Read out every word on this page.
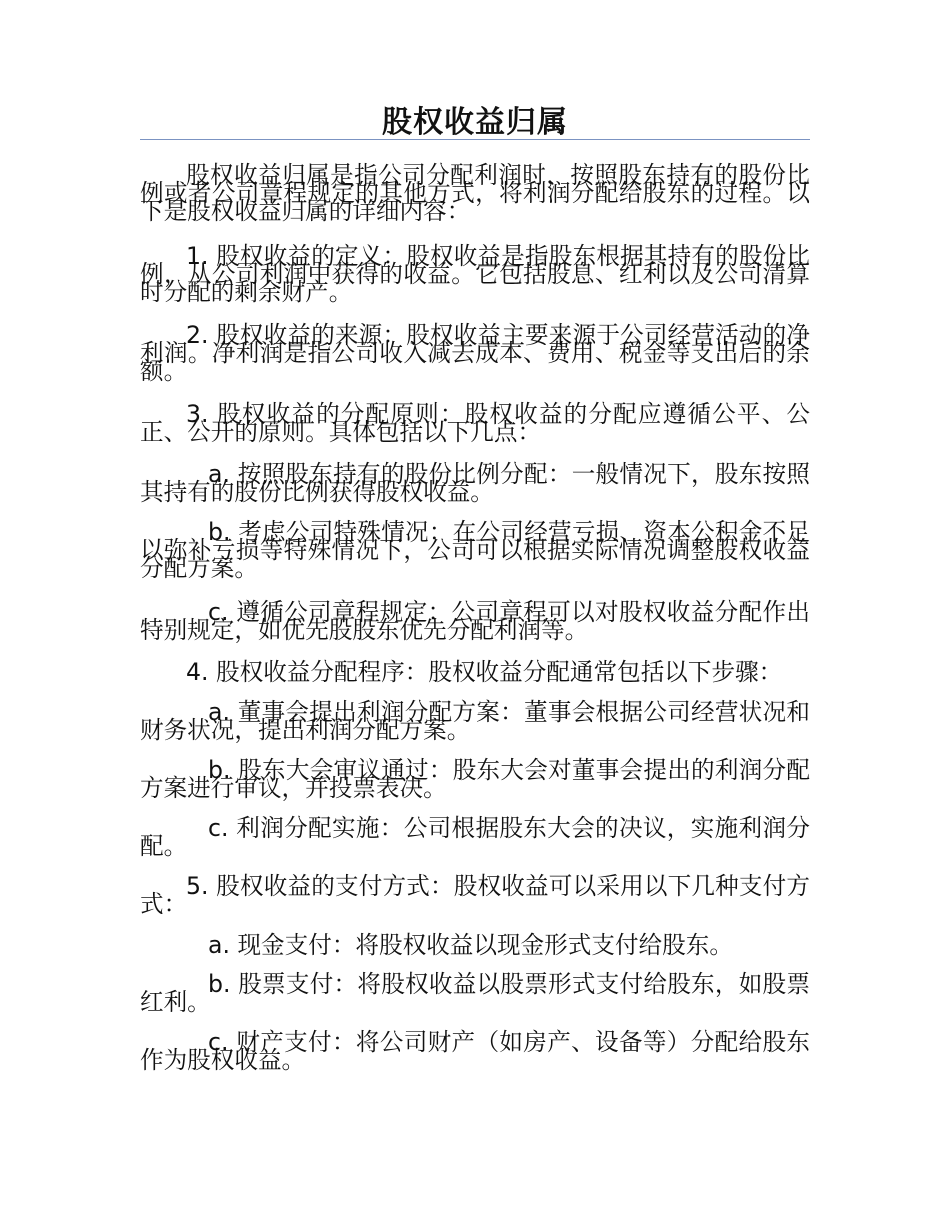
股权收益归属

股权收益归属是指公司分配利润时，按照股东持有的股份比例或者公司章程规定的其他方式，将利润分配给股东的过程。以下是股权收益归属的详细内容：

1. 股权收益的定义：股权收益是指股东根据其持有的股份比例，从公司利润中获得的收益。它包括股息、红利以及公司清算时分配的剩余财产。

2. 股权收益的来源：股权收益主要来源于公司经营活动的净利润。净利润是指公司收入减去成本、费用、税金等支出后的余额。

3. 股权收益的分配原则：股权收益的分配应遵循公平、公正、公开的原则。具体包括以下几点：

a. 按照股东持有的股份比例分配：一般情况下，股东按照其持有的股份比例获得股权收益。

b. 考虑公司特殊情况：在公司经营亏损、资本公积金不足以弥补亏损等特殊情况下，公司可以根据实际情况调整股权收益分配方案。

c. 遵循公司章程规定：公司章程可以对股权收益分配作出特别规定，如优先股股东优先分配利润等。

4. 股权收益分配程序：股权收益分配通常包括以下步骤：

a. 董事会提出利润分配方案：董事会根据公司经营状况和财务状况，提出利润分配方案。

b. 股东大会审议通过：股东大会对董事会提出的利润分配方案进行审议，并投票表决。

c. 利润分配实施：公司根据股东大会的决议，实施利润分配。

5. 股权收益的支付方式：股权收益可以采用以下几种支付方式：

a. 现金支付：将股权收益以现金形式支付给股东。

b. 股票支付：将股权收益以股票形式支付给股东，如股票红利。

c. 财产支付：将公司财产（如房产、设备等）分配给股东作为股权收益。
